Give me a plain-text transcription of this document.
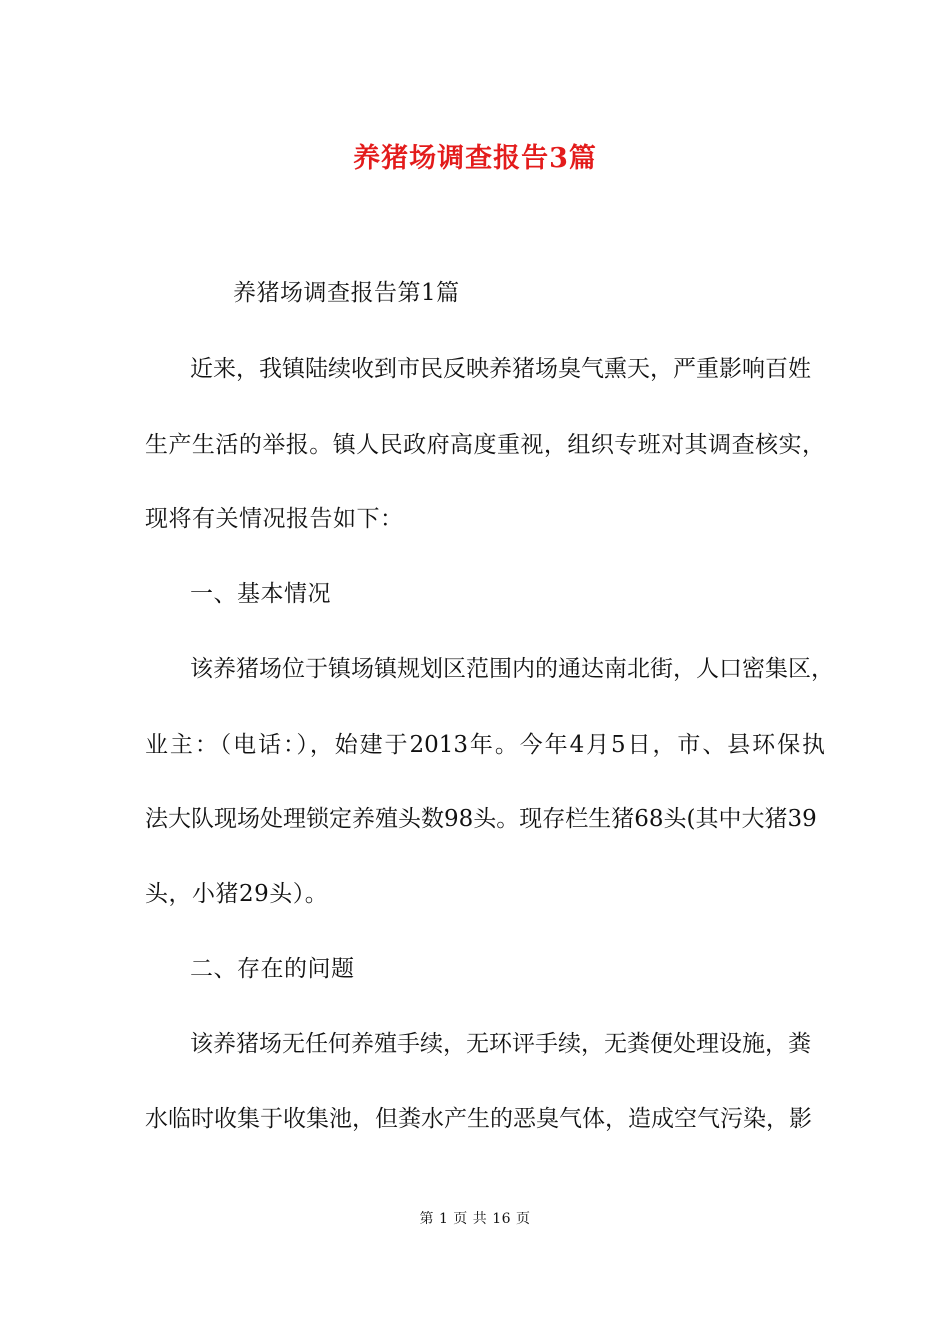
养猪场调查报告3篇
养猪场调查报告第1篇
近来，我镇陆续收到市民反映养猪场臭气熏天，严重影响百姓
生产生活的举报。镇人民政府高度重视，组织专班对其调查核实，
现将有关情况报告如下：
一、基本情况
该养猪场位于镇场镇规划区范围内的通达南北街，人口密集区，
业主：（电话：），始建于2013年。今年4月5日，市、县环保执
法大队现场处理锁定养殖头数98头。现存栏生猪68头(其中大猪39
头，小猪29头）。
二、存在的问题
该养猪场无任何养殖手续，无环评手续，无粪便处理设施，粪
水临时收集于收集池，但粪水产生的恶臭气体，造成空气污染，影
第 1 页 共 16 页
